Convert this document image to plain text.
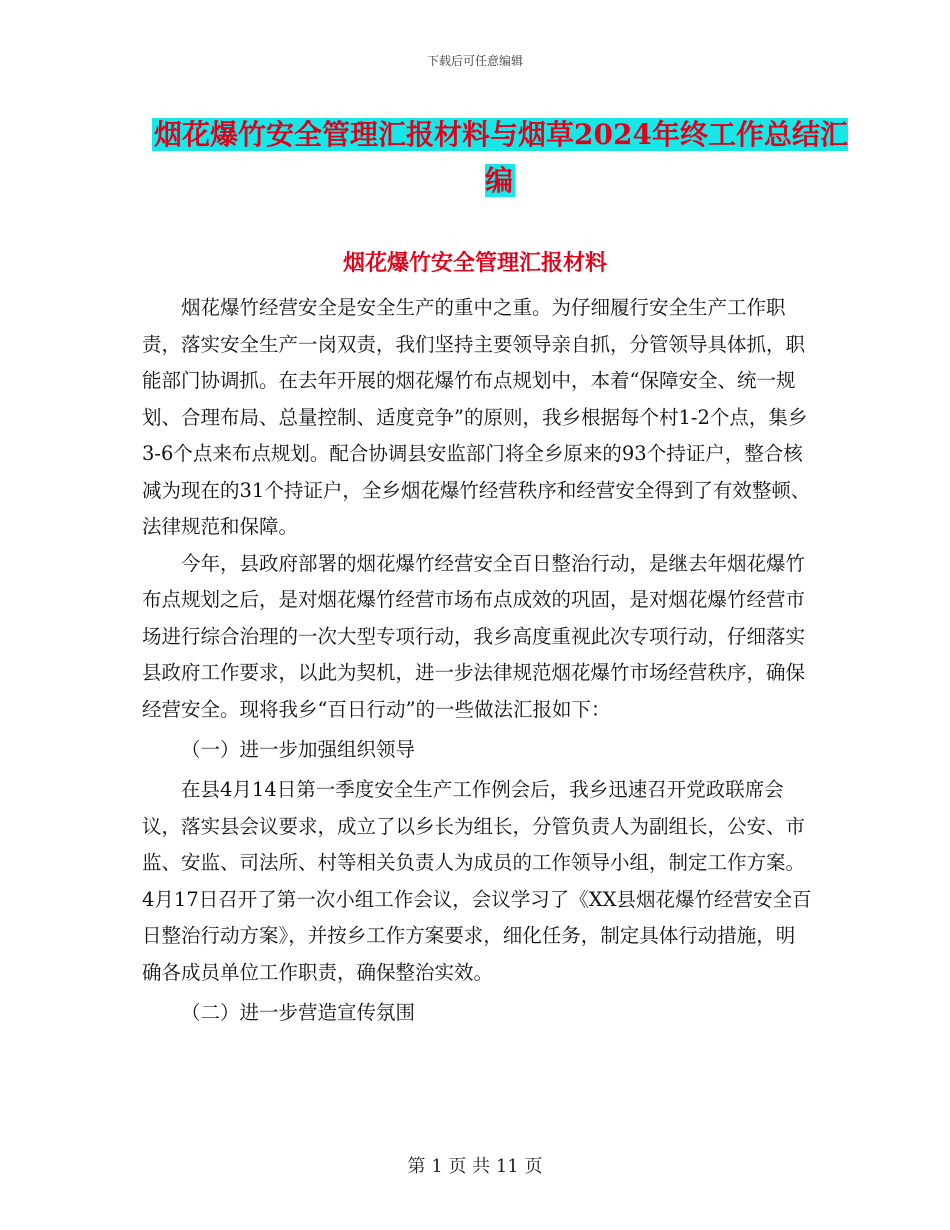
下载后可任意编辑
烟花爆竹安全管理汇报材料与烟草2024年终工作总结汇编
烟花爆竹安全管理汇报材料

烟花爆竹经营安全是安全生产的重中之重。为仔细履行安全生产工作职责，落实安全生产一岗双责，我们坚持主要领导亲自抓，分管领导具体抓，职能部门协调抓。在去年开展的烟花爆竹布点规划中，本着“保障安全、统一规划、合理布局、总量控制、适度竞争”的原则，我乡根据每个村1-2个点，集乡3-6个点来布点规划。配合协调县安监部门将全乡原来的93个持证户，整合核减为现在的31个持证户，全乡烟花爆竹经营秩序和经营安全得到了有效整顿、法律规范和保障。

今年，县政府部署的烟花爆竹经营安全百日整治行动，是继去年烟花爆竹布点规划之后，是对烟花爆竹经营市场布点成效的巩固，是对烟花爆竹经营市场进行综合治理的一次大型专项行动，我乡高度重视此次专项行动，仔细落实县政府工作要求，以此为契机，进一步法律规范烟花爆竹市场经营秩序，确保经营安全。现将我乡“百日行动”的一些做法汇报如下：

（一）进一步加强组织领导

在县4月14日第一季度安全生产工作例会后，我乡迅速召开党政联席会议，落实县会议要求，成立了以乡长为组长，分管负责人为副组长，公安、市监、安监、司法所、村等相关负责人为成员的工作领导小组，制定工作方案。4月17日召开了第一次小组工作会议，会议学习了《XX县烟花爆竹经营安全百日整治行动方案》，并按乡工作方案要求，细化任务，制定具体行动措施，明确各成员单位工作职责，确保整治实效。

（二）进一步营造宣传氛围

第 1 页 共 11 页
